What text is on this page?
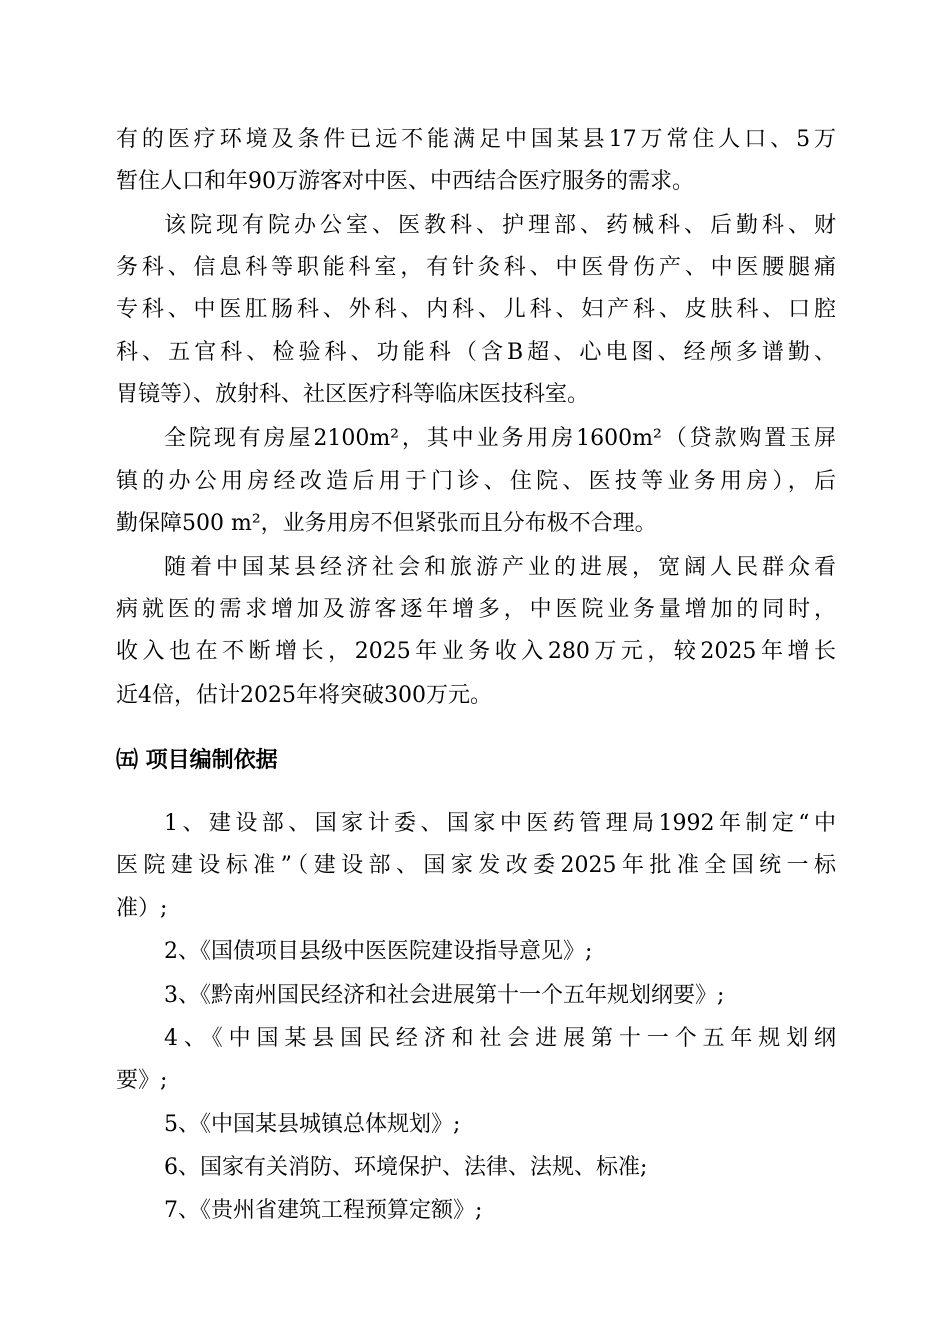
有的医疗环境及条件已远不能满足中国某县17万常住人口、5万
暂住人口和年90万游客对中医、中西结合医疗服务的需求。
该院现有院办公室、医教科、护理部、药械科、后勤科、财
务科、信息科等职能科室，有针灸科、中医骨伤产、中医腰腿痛
专科、中医肛肠科、外科、内科、儿科、妇产科、皮肤科、口腔
科、五官科、检验科、功能科（含B超、心电图、经颅多谱勤、
胃镜等）、放射科、社区医疗科等临床医技科室。
全院现有房屋2100m²，其中业务用房1600m²（贷款购置玉屏
镇的办公用房经改造后用于门诊、住院、医技等业务用房），后
勤保障500 m²，业务用房不但紧张而且分布极不合理。
随着中国某县经济社会和旅游产业的进展，宽阔人民群众看
病就医的需求增加及游客逐年增多，中医院业务量增加的同时，
收入也在不断增长，2025年业务收入280万元，较2025年增长
近4倍，估计2025年将突破300万元。
㈤ 项目编制依据
1、建设部、国家计委、国家中医药管理局1992年制定“中
医院建设标准”（建设部、国家发改委2025年批准全国统一标
准）;
2、《国债项目县级中医医院建设指导意见》;
3、《黔南州国民经济和社会进展第十一个五年规划纲要》;
4、《中国某县国民经济和社会进展第十一个五年规划纲
要》;
5、《中国某县城镇总体规划》;
6、国家有关消防、环境保护、法律、法规、标准;
7、《贵州省建筑工程预算定额》;
